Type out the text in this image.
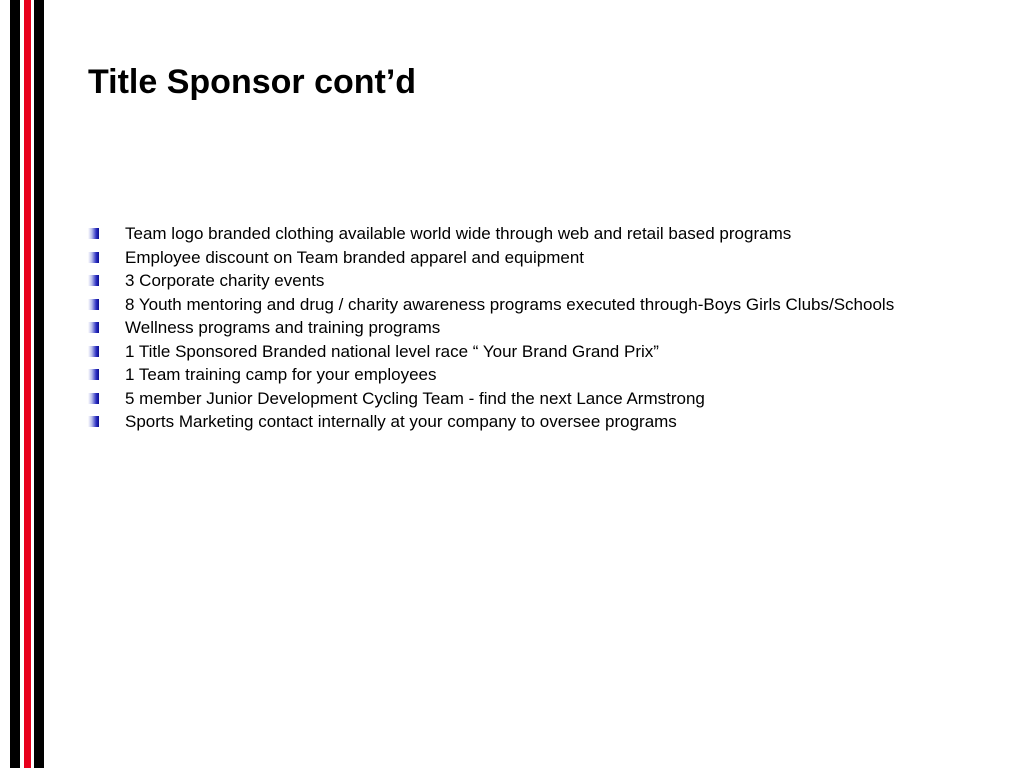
Title Sponsor cont’d
Team logo branded clothing available world wide through web and retail based programs
Employee discount on Team branded apparel and equipment
3 Corporate charity events
8 Youth mentoring and drug / charity awareness programs executed through-Boys Girls Clubs/Schools
Wellness programs and training programs
1 Title Sponsored Branded national level race “ Your Brand Grand Prix”
1 Team training camp for your employees
5 member Junior Development Cycling Team - find the next Lance Armstrong
Sports Marketing contact internally at your company to oversee programs
